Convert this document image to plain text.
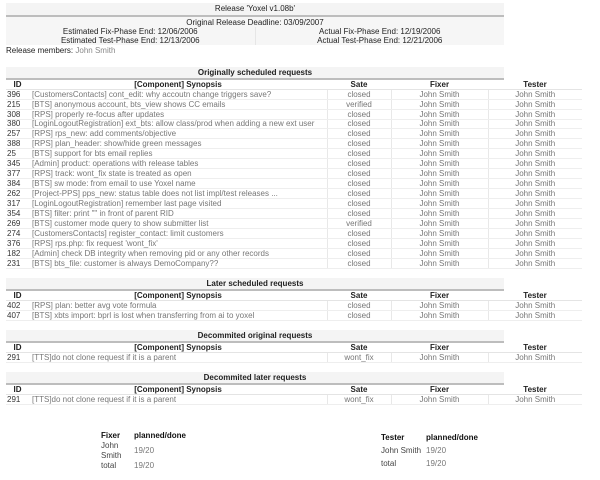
Release 'Yoxel v1.08b'
Original Release Deadline: 03/09/2007	
Estimated Fix-Phase End: 12/06/2006	Actual Fix-Phase End: 12/19/2006
Estimated Test-Phase End: 12/13/2006	Actual Test-Phase End: 12/21/2006
Release members: John Smith
Originally scheduled requests
ID	[Component] Synopsis	Sate	Fixer	Tester
396	[CustomersContacts] cont_edit: why accoutn change triggers save?	closed	John Smith	John Smith
215	[BTS] anonymous account, bts_view shows CC emails	verified	John Smith	John Smith
308	[RPS] properly re-focus after updates	closed	John Smith	John Smith
380	[LoginLogoutRegistration] ext_bts: allow class/prod when adding a new ext user	closed	John Smith	John Smith
257	[RPS] rps_new: add comments/objective	closed	John Smith	John Smith
388	[RPS] plan_header: show/hide green messages	closed	John Smith	John Smith
25	[BTS] support for bts email replies	closed	John Smith	John Smith
345	[Admin] product: operations with release tables	closed	John Smith	John Smith
377	[RPS] track: wont_fix state is treated as open	closed	John Smith	John Smith
384	[BTS] sw mode: from email to use Yoxel name	closed	John Smith	John Smith
262	[Project-PPS] pps_new: status table does not list impl/test releases ...	closed	John Smith	John Smith
317	[LoginLogoutRegistration] remember last page visited	closed	John Smith	John Smith
354	[BTS] filter: print "" in front of parent RID	closed	John Smith	John Smith
269	[BTS] customer mode query to show submitter list	verified	John Smith	John Smith
274	[CustomersContacts] register_contact: limit customers	closed	John Smith	John Smith
376	[RPS] rps.php: fix request 'wont_fix'	closed	John Smith	John Smith
182	[Admin] check DB integrity when removing pid or any other records	closed	John Smith	John Smith
231	[BTS] bts_file: customer is always DemoCompany??	closed	John Smith	John Smith
Later scheduled requests
ID	[Component] Synopsis	Sate	Fixer	Tester
402	[RPS] plan: better avg vote formula	closed	John Smith	John Smith
407	[BTS] xbts import: bprl is lost when transferring from ai to yoxel	closed	John Smith	John Smith
Decommited original requests
ID	[Component] Synopsis	Sate	Fixer	Tester
291	[TTS]do not clone request if it is a parent	wont_fix	John Smith	John Smith
Decommited later requests
ID	[Component] Synopsis	Sate	Fixer	Tester
291	[TTS]do not clone request if it is a parent	wont_fix	John Smith	John Smith
Fixer	planned/done
John Smith	19/20
total	19/20
Tester	planned/done
John Smith	19/20
total	19/20
